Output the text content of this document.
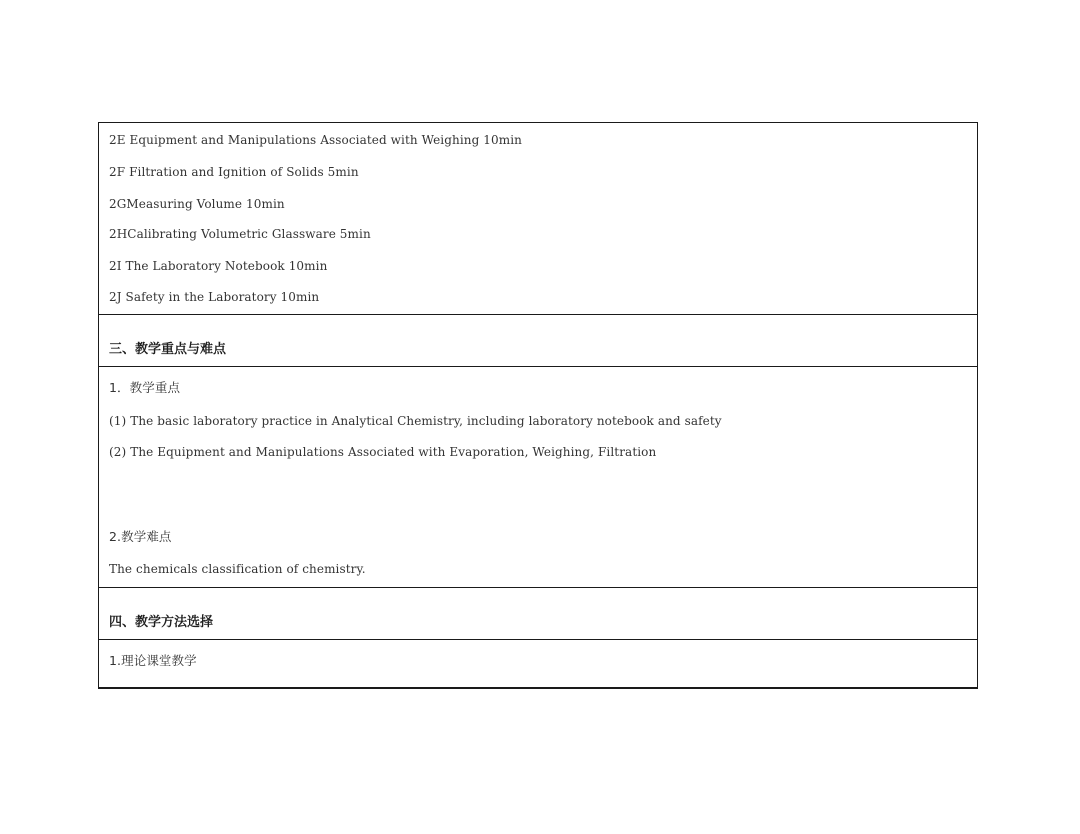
2E Equipment and Manipulations Associated with Weighing 10min
2F Filtration and Ignition of Solids 5min
2GMeasuring Volume 10min
2HCalibrating Volumetric Glassware 5min
2I The Laboratory Notebook 10min
2J Safety in the Laboratory 10min
三、教学重点与难点
1．教学重点
(1) The basic laboratory practice in Analytical Chemistry, including laboratory notebook and safety
(2) The Equipment and Manipulations Associated with Evaporation, Weighing, Filtration
2.教学难点
The chemicals classification of chemistry.
四、教学方法选择
1.理论课堂教学
